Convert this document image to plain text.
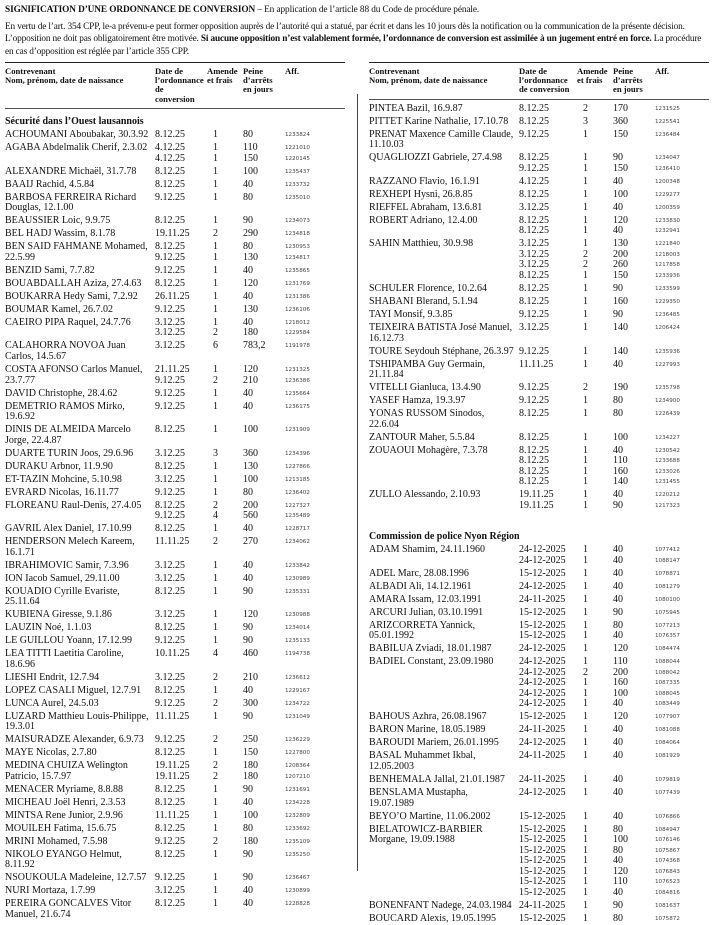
SIGNIFICATION D’UNE ORDONNANCE DE CONVERSION – En application de l’article 88 du Code de procédure pénale.

En vertu de l’art. 354 CPP, le-a prévenu-e peut former opposition auprès de l’autorité qui a statué, par écrit et dans les 10 jours dès la notification ou la communication de la présente décision. L’opposition ne doit pas obligatoirement être motivée. Si aucune opposition n’est valablement formée, l’ordonnance de conversion est assimilée à un jugement entré en force. La procédure en cas d’opposition est réglée par l’article 355 CPP.

Contrevenant
Nom, prénom, date de naissance
Date de l’ordonnance de conversion
Amende et frais
Peine d’arrêts en jours
Aff.
Sécurité dans l’Ouest lausannois
ACHOUMANI Aboubakar, 30.3.92 8.12.25	1	80	1233824
AGABA Abdelmalik Cherif, 2.3.02 4.12.25	1	110	1221010
4.12.25	1	150	1220145
ALEXANDRE Michaël, 31.7.78	8.12.25	1	100	1235437
BAAIJ Rachid, 4.5.84	8.12.25	1	40	1233732
BARBOSA FERREIRA Richard Douglas, 12.1.00
9.12.25	1	80	1235010
BEAUSSIER Loic, 9.9.75	8.12.25	1	90	1234073
BEL HADJ Wassim, 8.1.78	19.11.25	2	290	1234818
BEN SAID FAHMANE Mohamed, 22.5.99
8.12.25	1	80	1230953
9.12.25	1	130	1234817
BENZID Sami, 7.7.82	9.12.25	1	40	1235865
BOUABDALLAH Aziza, 27.4.63	8.12.25	1	120	1231769
BOUKARRA Hedy Sami, 7.2.92	26.11.25	1	40	1231386
BOUMAR Kamel, 26.7.02	9.12.25	1	130	1236106
CAEIRO PIPA Raquel, 24.7.76	3.12.25	1	40	1218012
3.12.25	2	180	1229584
CALAHORRA NOVOA Juan Carlos, 14.5.67
3.12.25	6	783,2	1191978
COSTA AFONSO Carlos Manuel, 23.7.77
21.11.25	1	120	1231325
9.12.25	2	210	1236386
DAVID Christophe, 28.4.62	9.12.25	1	40	1235664
DEMETRIO RAMOS Mirko, 19.6.92
9.12.25	1	40	1236175
DINIS DE ALMEIDA Marcelo Jorge, 22.4.87
8.12.25	1	100	1231909
DUARTE TURIN Joos, 29.6.96	3.12.25	3	360	1234396
DURAKU Arbnor, 11.9.90	8.12.25	1	130	1227866
ET-TAZIN Mohcine, 5.10.98	3.12.25	1	100	1213185
EVRARD Nicolas, 16.11.77	9.12.25	1	80	1236402
FLOREANU Raul-Denis, 27.4.05	8.12.25	2	200	1227327
9.12.25	4	560	1235489
GAVRIL Alex Daniel, 17.10.99	8.12.25	1	40	1228717
HENDERSON Melech Kareem, 16.1.71
11.11.25	2	270	1234062
IBRAHIMOVIC Samir, 7.3.96	3.12.25	1	40	1233842
ION Iacob Samuel, 29.11.00	3.12.25	1	40	1230989
KOUADIO Cyrille Evariste, 25.11.64
8.12.25	1	90	1235331
KUBIENA Giresse, 9.1.86	3.12.25	1	120	1230988
LAUZIN Noé, 1.1.03	8.12.25	1	90	1234014
LE GUILLOU Yoann, 17.12.99	9.12.25	1	90	1235133
LEA TITTI Laetitia Caroline, 18.6.96
10.11.25	4	460	1194738
LIESHI Endrit, 12.7.94	3.12.25	2	210	1236612
LOPEZ CASALI Miguel, 12.7.91	8.12.25	1	40	1229167
LUNCA Aurel, 24.5.03	9.12.25	2	300	1234722
LUZARD Matthieu Louis-Philippe, 19.3.01
11.11.25	1	90	1231049
MAISURADZE Alexander, 6.9.73	9.12.25	2	250	1236229
MAYE Nicolas, 2.7.80	8.12.25	1	150	1227800
MEDINA CHUIZA Welington Patricio, 15.7.97
19.11.25	2	180	1208364
19.11.25	2	180	1207210
MENACER Myriame, 8.8.88	8.12.25	1	90	1231691
MICHEAU Joël Henri, 2.3.53	8.12.25	1	40	1234228
MINTSA Rene Junior, 2.9.96	11.11.25	1	100	1232809
MOUILEH Fatima, 15.6.75	8.12.25	1	80	1233692
MRINI Mohamed, 7.5.98	9.12.25	2	180	1235109
NIKOLO EYANGO Helmut, 8.11.92
8.12.25	1	90	1235250
NSOUKOULA Madeleine, 12.7.57 9.12.25	1	90	1236467
NURI Mortaza, 1.7.99	3.12.25	1	40	1230899
PEREIRA GONCALVES Vitor Manuel, 21.6.74
8.12.25	1	40	1228828
Contrevenant
Nom, prénom, date de naissance
Date de l’ordonnance de conversion
Amende et frais
Peine d’arrêts en jours
Aff.
PINTEA Bazil, 16.9.87	8.12.25	2	170	1231525
PITTET Karine Nathalie, 17.10.78	8.12.25	3	360	1225541
PRENAT Maxence Camille Claude, 11.10.03
9.12.25	1	150	1236484
QUAGLIOZZI Gabriele, 27.4.98	8.12.25	1	90	1234047
9.12.25	1	150	1236410
RAZZANO Flavio, 16.1.91	4.12.25	1	40	1200348
REXHEPI Hysni, 26.8.85	8.12.25	1	100	1229277
RIEFFEL Abraham, 13.6.81	3.12.25	1	40	1200359
ROBERT Adriano, 12.4.00	8.12.25	1	120	1233830
8.12.25	1	40	1232941
SAHIN Matthieu, 30.9.98	3.12.25	1	130	1221840
3.12.25	2	200	1218003
3.12.25	2	260	1217858
8.12.25	1	150	1233936
SCHULER Florence, 10.2.64	8.12.25	1	90	1233599
SHABANI Blerand, 5.1.94	8.12.25	1	160	1229350
TAYI Monsif, 9.3.85	9.12.25	1	90	1236485
TEIXEIRA BATISTA José Manuel, 16.12.73
3.12.25	1	140	1206424
TOURE Seydouh Stéphane, 26.3.97 9.12.25	1	140	1235936
TSHIPAMBA Guy Germain, 21.11.84
11.11.25	1	40	1227993
VITELLI Gianluca, 13.4.90	9.12.25	2	190	1235798
YASEF Hamza, 19.3.97	9.12.25	1	80	1234900
YONAS RUSSOM Sinodos, 22.6.04
8.12.25	1	80	1226439
ZANTOUR Maher, 5.5.84	8.12.25	1	100	1234227
ZOUAOUI Mohagère, 7.3.78	8.12.25	1	40	1230542
8.12.25	1	110	1233688
8.12.25	1	160	1233026
8.12.25	1	140	1231455
ZULLO Alessando, 2.10.93	19.11.25	1	40	1220212
19.11.25	1	90	1217323
Commission de police Nyon Région
ADAM Shamim, 24.11.1960	24-12-2025	1	40	1077412
24-12-2025	1	40	1088147
ADEL Marc, 28.08.1996	15-12-2025	1	40	1078871
ALBADI Ali, 14.12.1961	24-12-2025	1	40	1081279
AMARA Issam, 12.03.1991	24-11-2025	1	40	1080100
ARCURI Julian, 03.10.1991	15-12-2025	1	90	1075945
ARIZCORRETA Yannick, 05.01.1992
15-12-2025	1	80	1077213
15-12-2025	1	40	1076357
BABILUA Zviadi, 18.01.1987	24-12-2025	1	120	1084474
BADIEL Constant, 23.09.1980	24-12-2025	1	110	1088044
24-12-2025	2	200	1088042
24-12-2025	1	160	1087335
24-12-2025	1	100	1088045
24-12-2025	1	40	1083449
BAHOUS Azhra, 26.08.1967	15-12-2025	1	120	1077907
BARON Marine, 18.05.1989	24-11-2025	1	40	1081088
BAROUDI Mariem, 26.01.1995	24-12-2025	1	40	1084064
BASAL Muhammet Ikbal, 12.05.2003
24-11-2025	1	40	1081929
BENHEMALA Jallal, 21.01.1987	24-11-2025	1	40	1079819
BENSLAMA Mustapha, 19.07.1989
24-12-2025	1	40	1077439
BEYO’O Martine, 11.06.2002	15-12-2025	1	40	1076866
BIELATOWICZ-BARBIER Morgane, 19.09.1988
15-12-2025	1	80	1084947
15-12-2025	1	100	1076146
15-12-2025	1	80	1075867
15-12-2025	1	40	1074368
15-12-2025	1	120	1076843
15-12-2025	1	110	1076523
15-12-2025	1	40	1084816
BONENFANT Nadege, 24.03.1984 24-11-2025	1	90	1081637
BOUCARD Alexis, 19.05.1995	15-12-2025	1	80	1075872
